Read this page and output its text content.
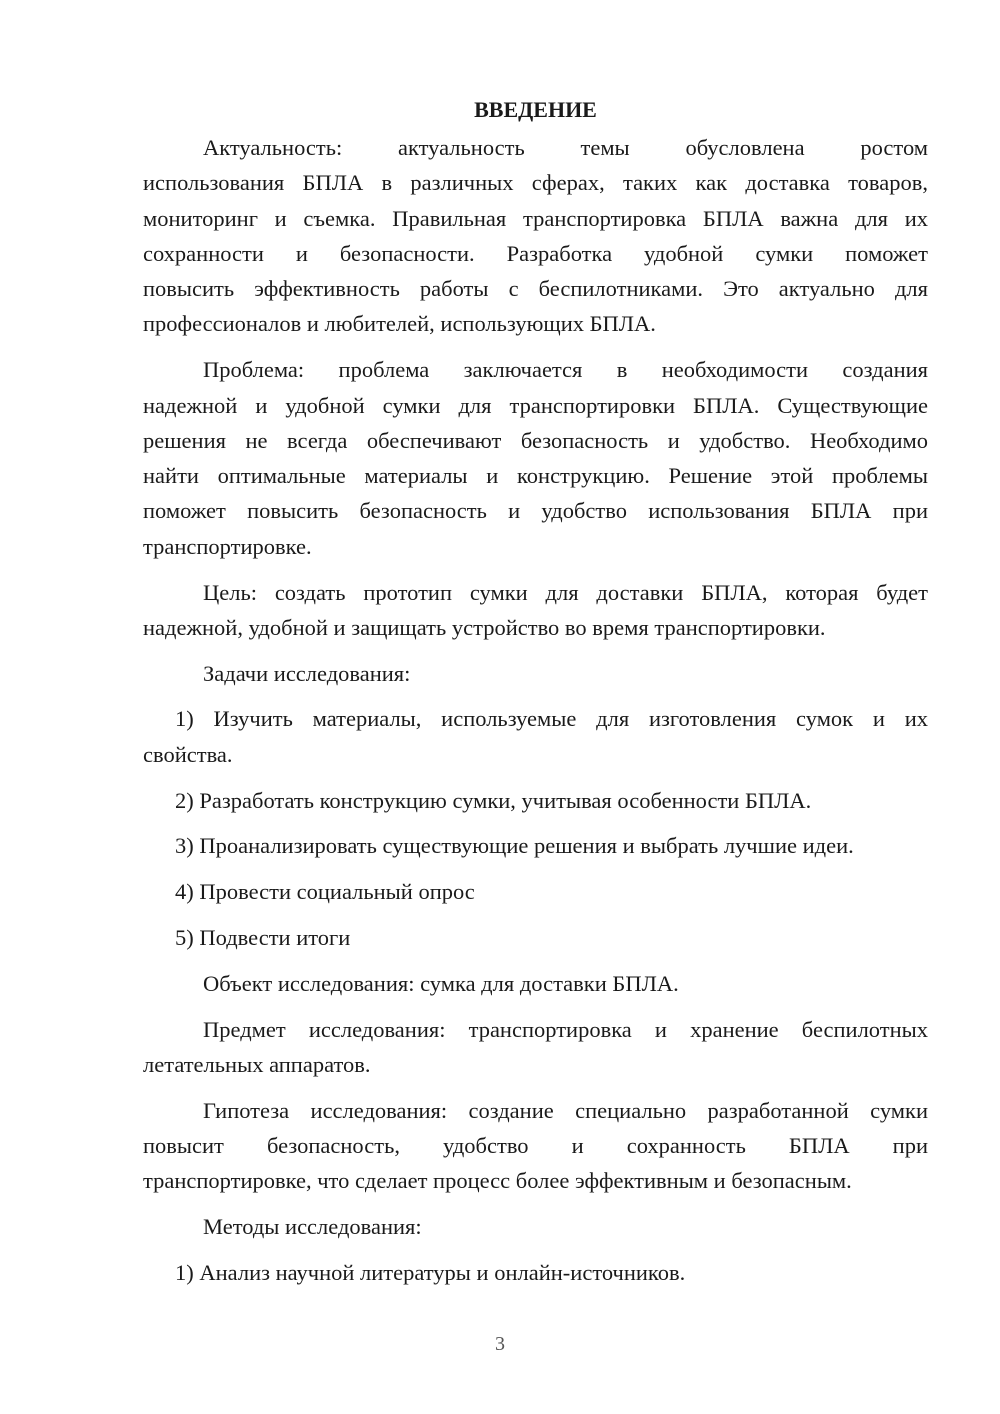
ВВЕДЕНИЕ
Актуальность: актуальность темы обусловлена ростом
использования БПЛА в различных сферах, таких как доставка товаров,
мониторинг и съемка. Правильная транспортировка БПЛА важна для их
сохранности и безопасности. Разработка удобной сумки поможет
повысить эффективность работы с беспилотниками. Это актуально для
профессионалов и любителей, использующих БПЛА.
Проблема: проблема заключается в необходимости создания
надежной и удобной сумки для транспортировки БПЛА. Существующие
решения не всегда обеспечивают безопасность и удобство. Необходимо
найти оптимальные материалы и конструкцию. Решение этой проблемы
поможет повысить безопасность и удобство использования БПЛА при
транспортировке.
Цель: создать прототип сумки для доставки БПЛА, которая будет
надежной, удобной и защищать устройство во время транспортировки.
Задачи исследования:
1) Изучить материалы, используемые для изготовления сумок и их
свойства.
2) Разработать конструкцию сумки, учитывая особенности БПЛА.
3) Проанализировать существующие решения и выбрать лучшие идеи.
4) Провести социальный опрос
5) Подвести итоги
Объект исследования: сумка для доставки БПЛА.
Предмет исследования: транспортировка и хранение беспилотных
летательных аппаратов.
Гипотеза исследования: создание специально разработанной сумки
повысит безопасность, удобство и сохранность БПЛА при
транспортировке, что сделает процесс более эффективным и безопасным.
Методы исследования:
1) Анализ научной литературы и онлайн-источников.
3
